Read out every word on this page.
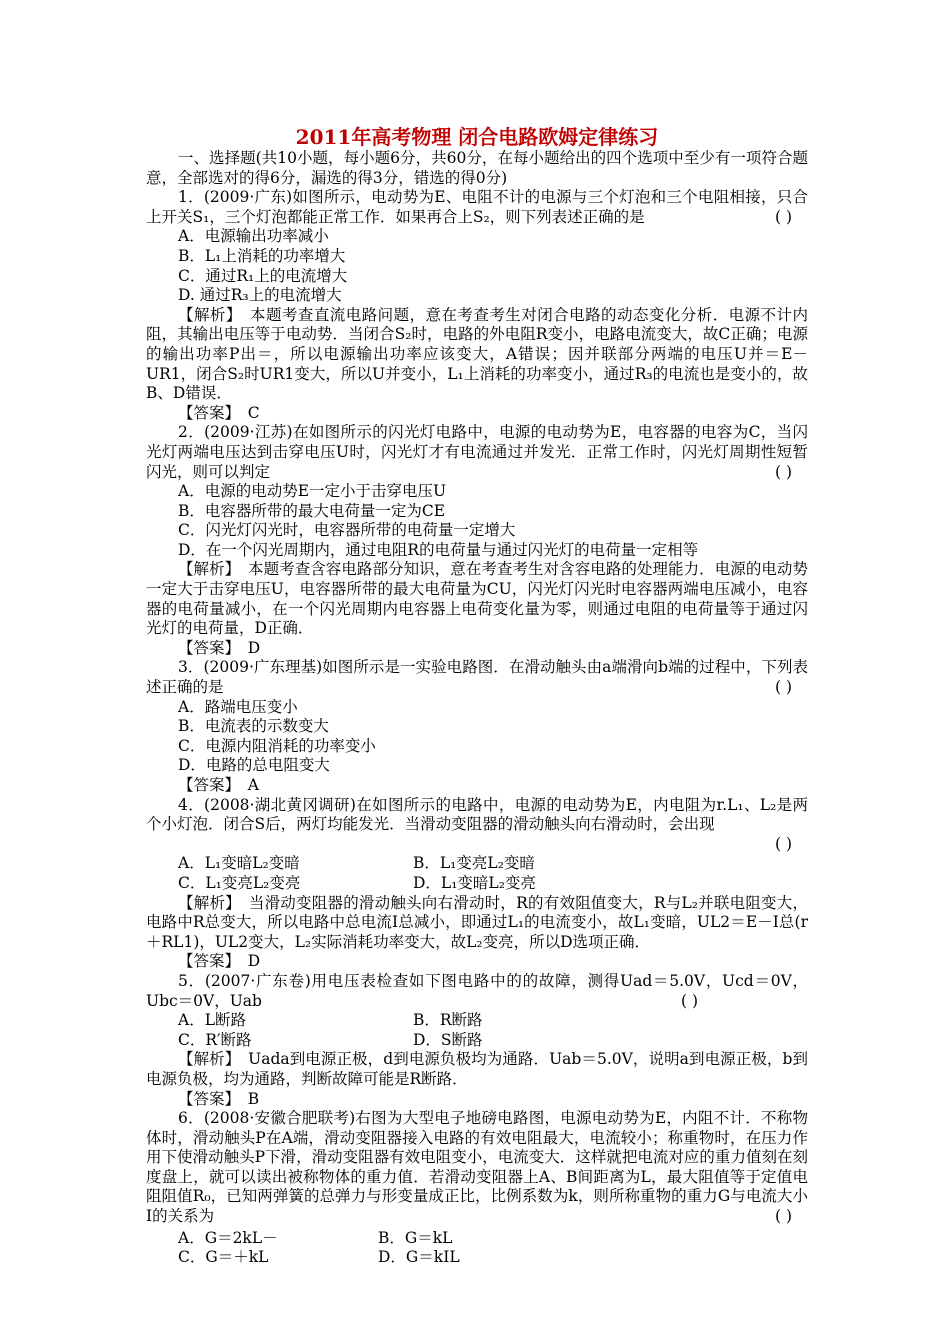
2011年高考物理 闭合电路欧姆定律练习

一、选择题(共10小题，每小题6分，共60分，在每小题给出的四个选项中至少有一项符合题意，全部选对的得6分，漏选的得3分，错选的得0分)

1．(2009·广东)如图所示，电动势为E、电阻不计的电源与三个灯泡和三个电阻相接，只合上开关S₁，三个灯泡都能正常工作．如果再合上S₂，则下列表述正确的是	( )

A．电源输出功率减小

B．L₁上消耗的功率增大

C．通过R₁上的电流增大

D. 通过R₃上的电流增大

【解析】　本题考查直流电路问题，意在考查考生对闭合电路的动态变化分析．电源不计内阻，其输出电压等于电动势．当闭合S₂时，电路的外电阻R变小，电路电流变大，故C正确；电源的输出功率P出＝，所以电源输出功率应该变大，A错误；因并联部分两端的电压U并＝E－UR1，闭合S₂时UR1变大，所以U并变小，L₁上消耗的功率变小，通过R₃的电流也是变小的，故B、D错误．

【答案】　C

2．(2009·江苏)在如图所示的闪光灯电路中，电源的电动势为E，电容器的电容为C，当闪光灯两端电压达到击穿电压U时，闪光灯才有电流通过并发光．正常工作时，闪光灯周期性短暂闪光，则可以判定	( )

A．电源的电动势E一定小于击穿电压U

B．电容器所带的最大电荷量一定为CE

C．闪光灯闪光时，电容器所带的电荷量一定增大

D．在一个闪光周期内，通过电阻R的电荷量与通过闪光灯的电荷量一定相等

【解析】　本题考查含容电路部分知识，意在考查考生对含容电路的处理能力．电源的电动势一定大于击穿电压U，电容器所带的最大电荷量为CU，闪光灯闪光时电容器两端电压减小，电容器的电荷量减小，在一个闪光周期内电容器上电荷变化量为零，则通过电阻的电荷量等于通过闪光灯的电荷量，D正确．

【答案】　D

3．(2009·广东理基)如图所示是一实验电路图．在滑动触头由a端滑向b端的过程中，下列表述正确的是	( )

A．路端电压变小

B．电流表的示数变大

C．电源内阻消耗的功率变小

D．电路的总电阻变大

【答案】　A

4．(2008·湖北黄冈调研)在如图所示的电路中，电源的电动势为E，内电阻为r.L₁、L₂是两个小灯泡．闭合S后，两灯均能发光．当滑动变阻器的滑动触头向右滑动时，会出现

( )

A．L₁变暗L₂变暗	B．L₁变亮L₂变暗
C．L₁变亮L₂变亮	D．L₁变暗L₂变亮

【解析】　当滑动变阻器的滑动触头向右滑动时，R的有效阻值变大，R与L₂并联电阻变大，电路中R总变大，所以电路中总电流I总减小，即通过L₁的电流变小，故L₁变暗，UL2＝E－I总(r＋RL1)，UL2变大，L₂实际消耗功率变大，故L₂变亮，所以D选项正确．

【答案】　D

5．(2007·广东卷)用电压表检查如下图电路中的的故障，测得Uad＝5.0V，Ucd＝0V，Ubc＝0V，Uab	( )

A．L断路	B．R断路
C．R′断路	D．S断路

【解析】　Uada到电源正极，d到电源负极均为通路．Uab＝5.0V，说明a到电源正极，b到电源负极，均为通路，判断故障可能是R断路．

【答案】　B

6．(2008·安徽合肥联考)右图为大型电子地磅电路图，电源电动势为E，内阻不计．不称物体时，滑动触头P在A端，滑动变阻器接入电路的有效电阻最大，电流较小；称重物时，在压力作用下使滑动触头P下滑，滑动变阻器有效电阻变小，电流变大．这样就把电流对应的重力值刻在刻度盘上，就可以读出被称物体的重力值．若滑动变阻器上A、B间距离为L，最大阻值等于定值电阻阻值R₀，已知两弹簧的总弹力与形变量成正比，比例系数为k，则所称重物的重力G与电流大小I的关系为	( )

A．G＝2kL－	B．G＝kL
C．G＝＋kL	D．G＝kIL
